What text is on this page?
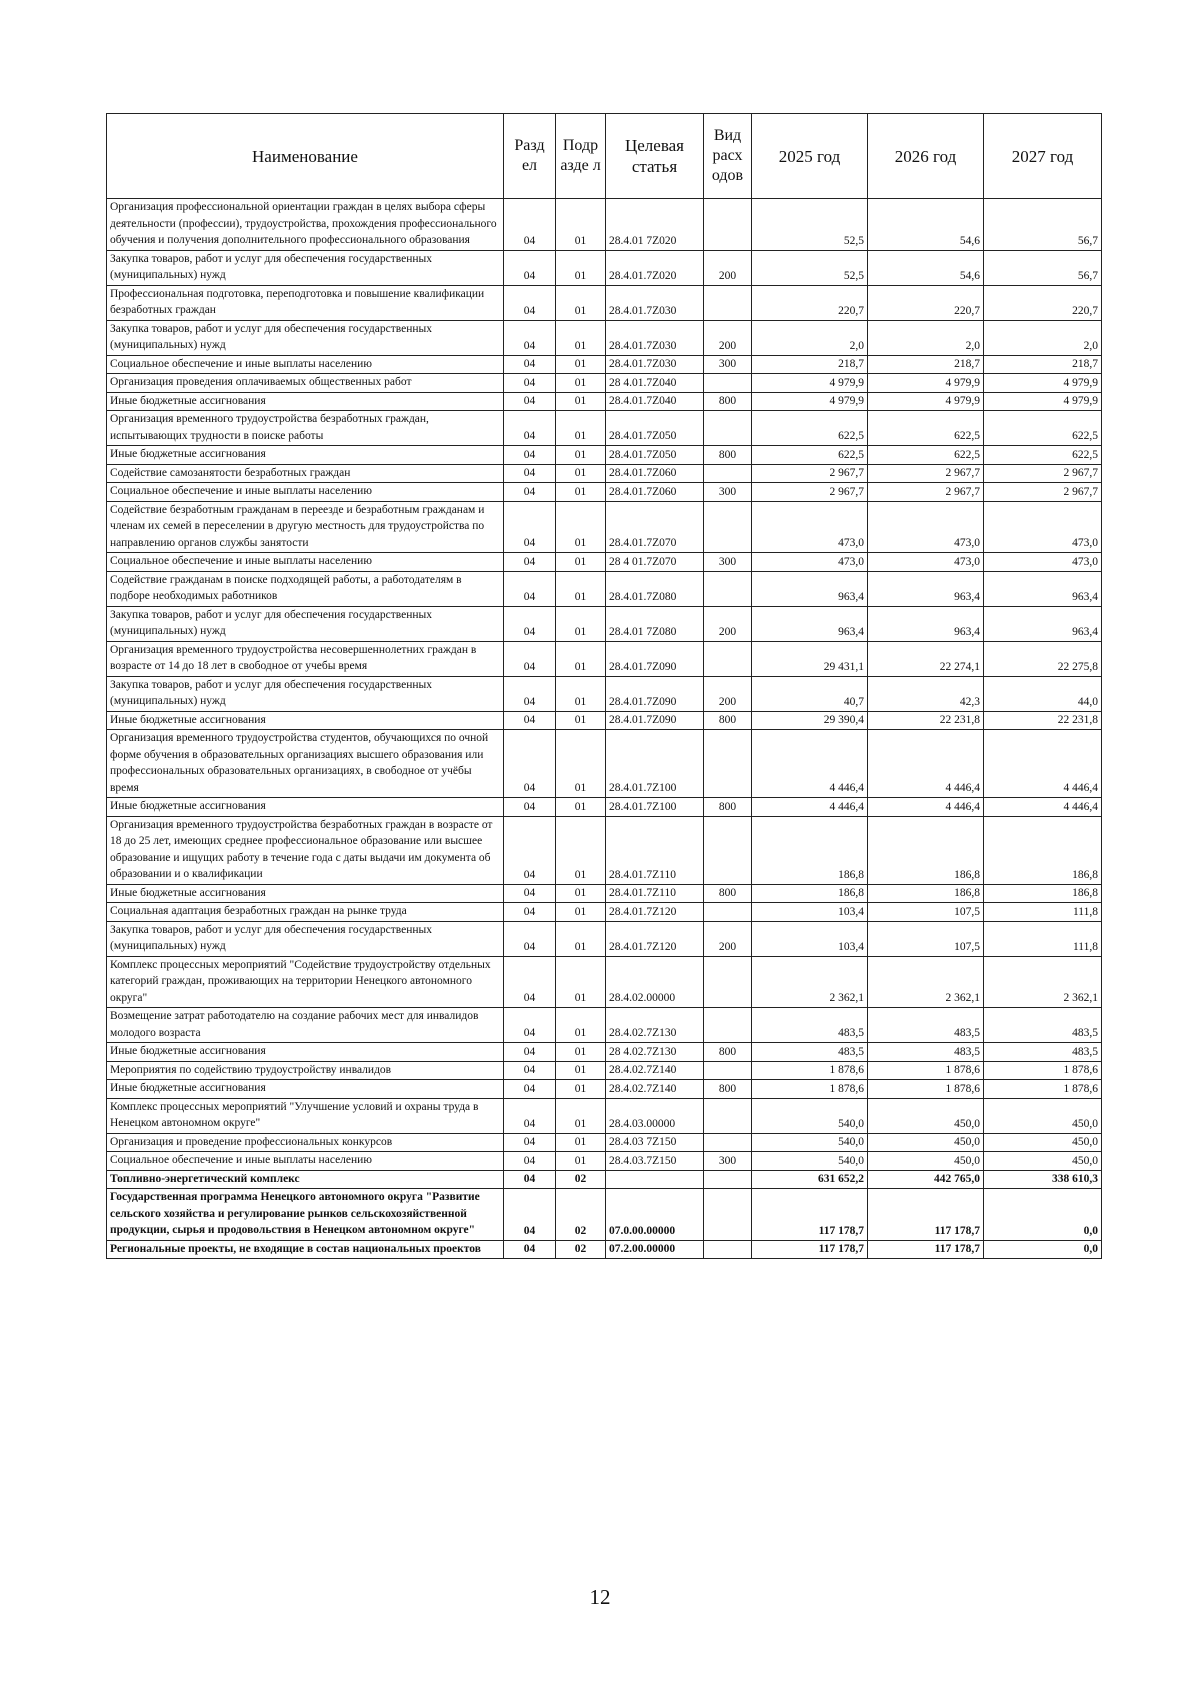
Наименование	Разд ел	Подр азде л	Целевая статья	Вид расх одов	2025 год	2026 год	2027 год
Организация профессиональной ориентации граждан в целях выбора сферы деятельности (профессии), трудоустройства, прохождения профессионального обучения и получения дополнительного профессионального образования	04	01	28.4.01 7Z020		52,5	54,6	56,7
Закупка товаров, работ и услуг для обеспечения государственных (муниципальных) нужд	04	01	28.4.01.7Z020	200	52,5	54,6	56,7
Профессиональная подготовка, переподготовка и повышение квалификации безработных граждан	04	01	28.4.01.7Z030		220,7	220,7	220,7
Закупка товаров, работ и услуг для обеспечения государственных (муниципальных) нужд	04	01	28.4.01.7Z030	200	2,0	2,0	2,0
Социальное обеспечение и иные выплаты населению	04	01	28.4.01.7Z030	300	218,7	218,7	218,7
Организация проведения оплачиваемых общественных работ	04	01	28 4.01.7Z040		4 979,9	4 979,9	4 979,9
Иные бюджетные ассигнования	04	01	28.4.01.7Z040	800	4 979,9	4 979,9	4 979,9
Организация временного трудоустройства безработных граждан, испытывающих трудности в поиске работы	04	01	28.4.01.7Z050		622,5	622,5	622,5
Иные бюджетные ассигнования	04	01	28.4.01.7Z050	800	622,5	622,5	622,5
Содействие самозанятости безработных граждан	04	01	28.4.01.7Z060		2 967,7	2 967,7	2 967,7
Социальное обеспечение и иные выплаты населению	04	01	28.4.01.7Z060	300	2 967,7	2 967,7	2 967,7
Содействие безработным гражданам в переезде и безработным гражданам и членам их семей в переселении в другую местность для трудоустройства по направлению органов службы занятости	04	01	28.4.01.7Z070		473,0	473,0	473,0
Социальное обеспечение и иные выплаты населению	04	01	28 4 01.7Z070	300	473,0	473,0	473,0
Содействие гражданам в поиске подходящей работы, а работодателям в подборе необходимых работников	04	01	28.4.01.7Z080		963,4	963,4	963,4
Закупка товаров, работ и услуг для обеспечения государственных (муниципальных) нужд	04	01	28.4.01 7Z080	200	963,4	963,4	963,4
Организация временного трудоустройства несовершеннолетних граждан в возрасте от 14 до 18 лет в свободное от учебы время	04	01	28.4.01.7Z090		29 431,1	22 274,1	22 275,8
Закупка товаров, работ и услуг для обеспечения государственных (муниципальных) нужд	04	01	28.4.01.7Z090	200	40,7	42,3	44,0
Иные бюджетные ассигнования	04	01	28.4.01.7Z090	800	29 390,4	22 231,8	22 231,8
Организация временного трудоустройства студентов, обучающихся по очной форме обучения в образовательных организациях высшего образования или профессиональных образовательных организациях, в свободное от учёбы время	04	01	28.4.01.7Z100		4 446,4	4 446,4	4 446,4
Иные бюджетные ассигнования	04	01	28.4.01.7Z100	800	4 446,4	4 446,4	4 446,4
Организация временного трудоустройства безработных граждан в возрасте от 18 до 25 лет, имеющих среднее профессиональное образование или высшее образование и ищущих работу в течение года с даты выдачи им документа об образовании и о квалификации	04	01	28.4.01.7Z110		186,8	186,8	186,8
Иные бюджетные ассигнования	04	01	28.4.01.7Z110	800	186,8	186,8	186,8
Социальная адаптация безработных граждан на рынке труда	04	01	28.4.01.7Z120		103,4	107,5	111,8
Закупка товаров, работ и услуг для обеспечения государственных (муниципальных) нужд	04	01	28.4.01.7Z120	200	103,4	107,5	111,8
Комплекс процессных мероприятий "Содействие трудоустройству отдельных категорий граждан, проживающих на территории Ненецкого автономного округа"	04	01	28.4.02.00000		2 362,1	2 362,1	2 362,1
Возмещение затрат работодателю на создание рабочих мест для инвалидов молодого возраста	04	01	28.4.02.7Z130		483,5	483,5	483,5
Иные бюджетные ассигнования	04	01	28 4.02.7Z130	800	483,5	483,5	483,5
Мероприятия по содействию трудоустройству инвалидов	04	01	28.4.02.7Z140		1 878,6	1 878,6	1 878,6
Иные бюджетные ассигнования	04	01	28.4.02.7Z140	800	1 878,6	1 878,6	1 878,6
Комплекс процессных мероприятий "Улучшение условий и охраны труда в Ненецком автономном округе"	04	01	28.4.03.00000		540,0	450,0	450,0
Организация и проведение профессиональных конкурсов	04	01	28.4.03 7Z150		540,0	450,0	450,0
Социальное обеспечение и иные выплаты населению	04	01	28.4.03.7Z150	300	540,0	450,0	450,0
Топливно-энергетический комплекс	04	02			631 652,2	442 765,0	338 610,3
Государственная программа Ненецкого автономного округа "Развитие сельского хозяйства и регулирование рынков сельскохозяйственной продукции, сырья и продовольствия в Ненецком автономном округе"	04	02	07.0.00.00000		117 178,7	117 178,7	0,0
Региональные проекты, не входящие в состав национальных проектов	04	02	07.2.00.00000		117 178,7	117 178,7	0,0
12
